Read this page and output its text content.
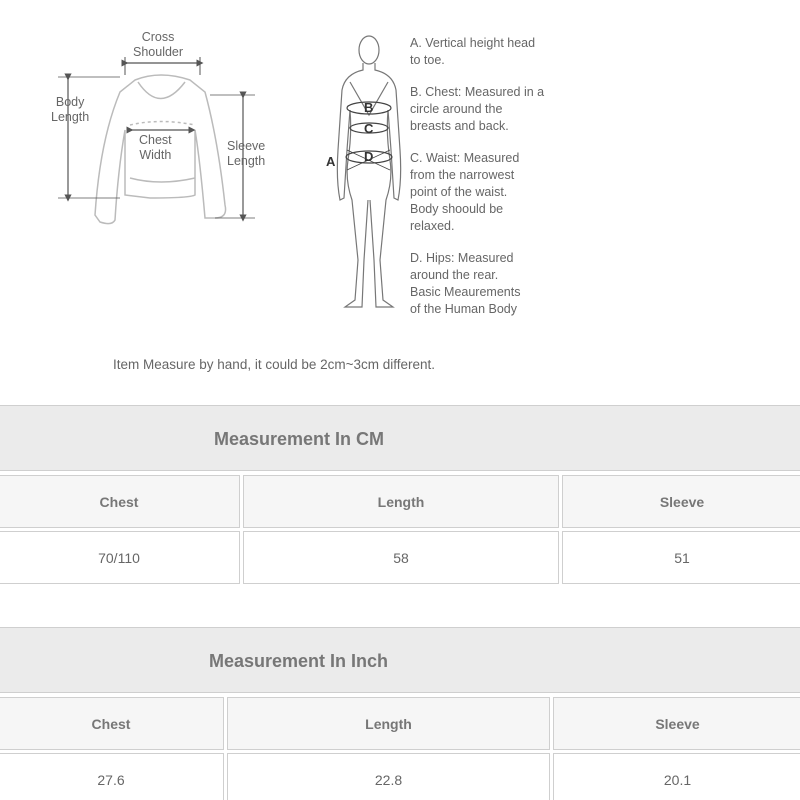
Cross
Shoulder
Body
Length
Chest
Width
Sleeve
Length	A
B
C
D
A. Vertical height head
to toe.
B. Chest: Measured in a
circle around the
breasts and back.
C. Waist: Measured
from the narrowest
point of the waist.
Body shoould be
relaxed.
D. Hips: Measured
around the rear.
Basic Meaurements
of the Human Body
Item Measure by hand, it could be 2cm~3cm different.
Measurement In CM
Chest	Length	Sleeve
70/110	58	51
Measurement In Inch
Chest	Length	Sleeve
27.6	22.8	20.1
